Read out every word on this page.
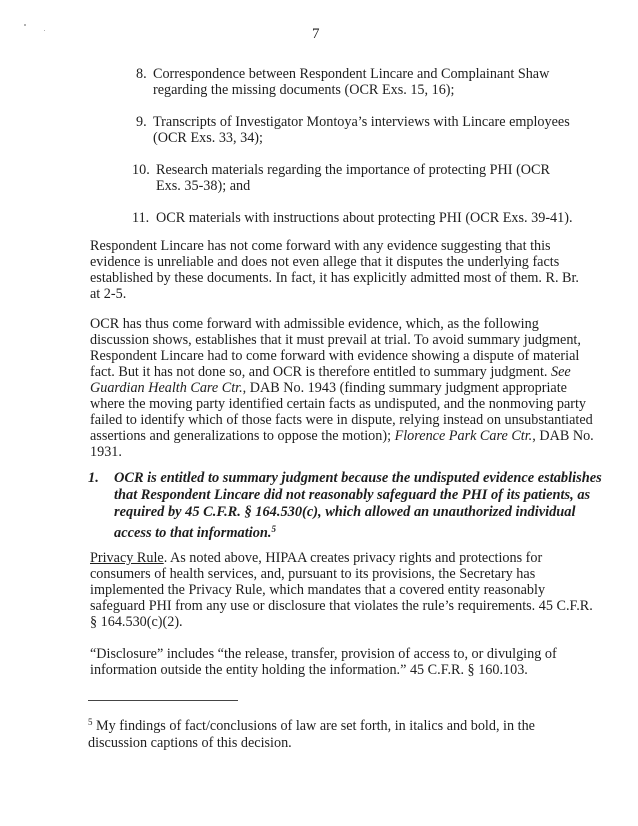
7
8. Correspondence between Respondent Lincare and Complainant Shaw
regarding the missing documents (OCR Exs. 15, 16);
9. Transcripts of Investigator Montoya’s interviews with Lincare employees
(OCR Exs. 33, 34);
10. Research materials regarding the importance of protecting PHI (OCR
Exs. 35-38); and
11. OCR materials with instructions about protecting PHI (OCR Exs. 39-41).
Respondent Lincare has not come forward with any evidence suggesting that this
evidence is unreliable and does not even allege that it disputes the underlying facts
established by these documents. In fact, it has explicitly admitted most of them. R. Br.
at 2-5.
OCR has thus come forward with admissible evidence, which, as the following
discussion shows, establishes that it must prevail at trial. To avoid summary judgment,
Respondent Lincare had to come forward with evidence showing a dispute of material
fact. But it has not done so, and OCR is therefore entitled to summary judgment. See
Guardian Health Care Ctr., DAB No. 1943 (finding summary judgment appropriate
where the moving party identified certain facts as undisputed, and the nonmoving party
failed to identify which of those facts were in dispute, relying instead on unsubstantiated
assertions and generalizations to oppose the motion); Florence Park Care Ctr., DAB No.
1931.
1. OCR is entitled to summary judgment because the undisputed evidence establishes
that Respondent Lincare did not reasonably safeguard the PHI of its patients, as
required by 45 C.F.R. § 164.530(c), which allowed an unauthorized individual
access to that information.$^5$
Privacy Rule. As noted above, HIPAA creates privacy rights and protections for
consumers of health services, and, pursuant to its provisions, the Secretary has
implemented the Privacy Rule, which mandates that a covered entity reasonably
safeguard PHI from any use or disclosure that violates the rule’s requirements. 45 C.F.R.
§ 164.530(c)(2).
“Disclosure” includes “the release, transfer, provision of access to, or divulging of
information outside the entity holding the information.” 45 C.F.R. § 160.103.
$^5$ My findings of fact/conclusions of law are set forth, in italics and bold, in the
discussion captions of this decision.
